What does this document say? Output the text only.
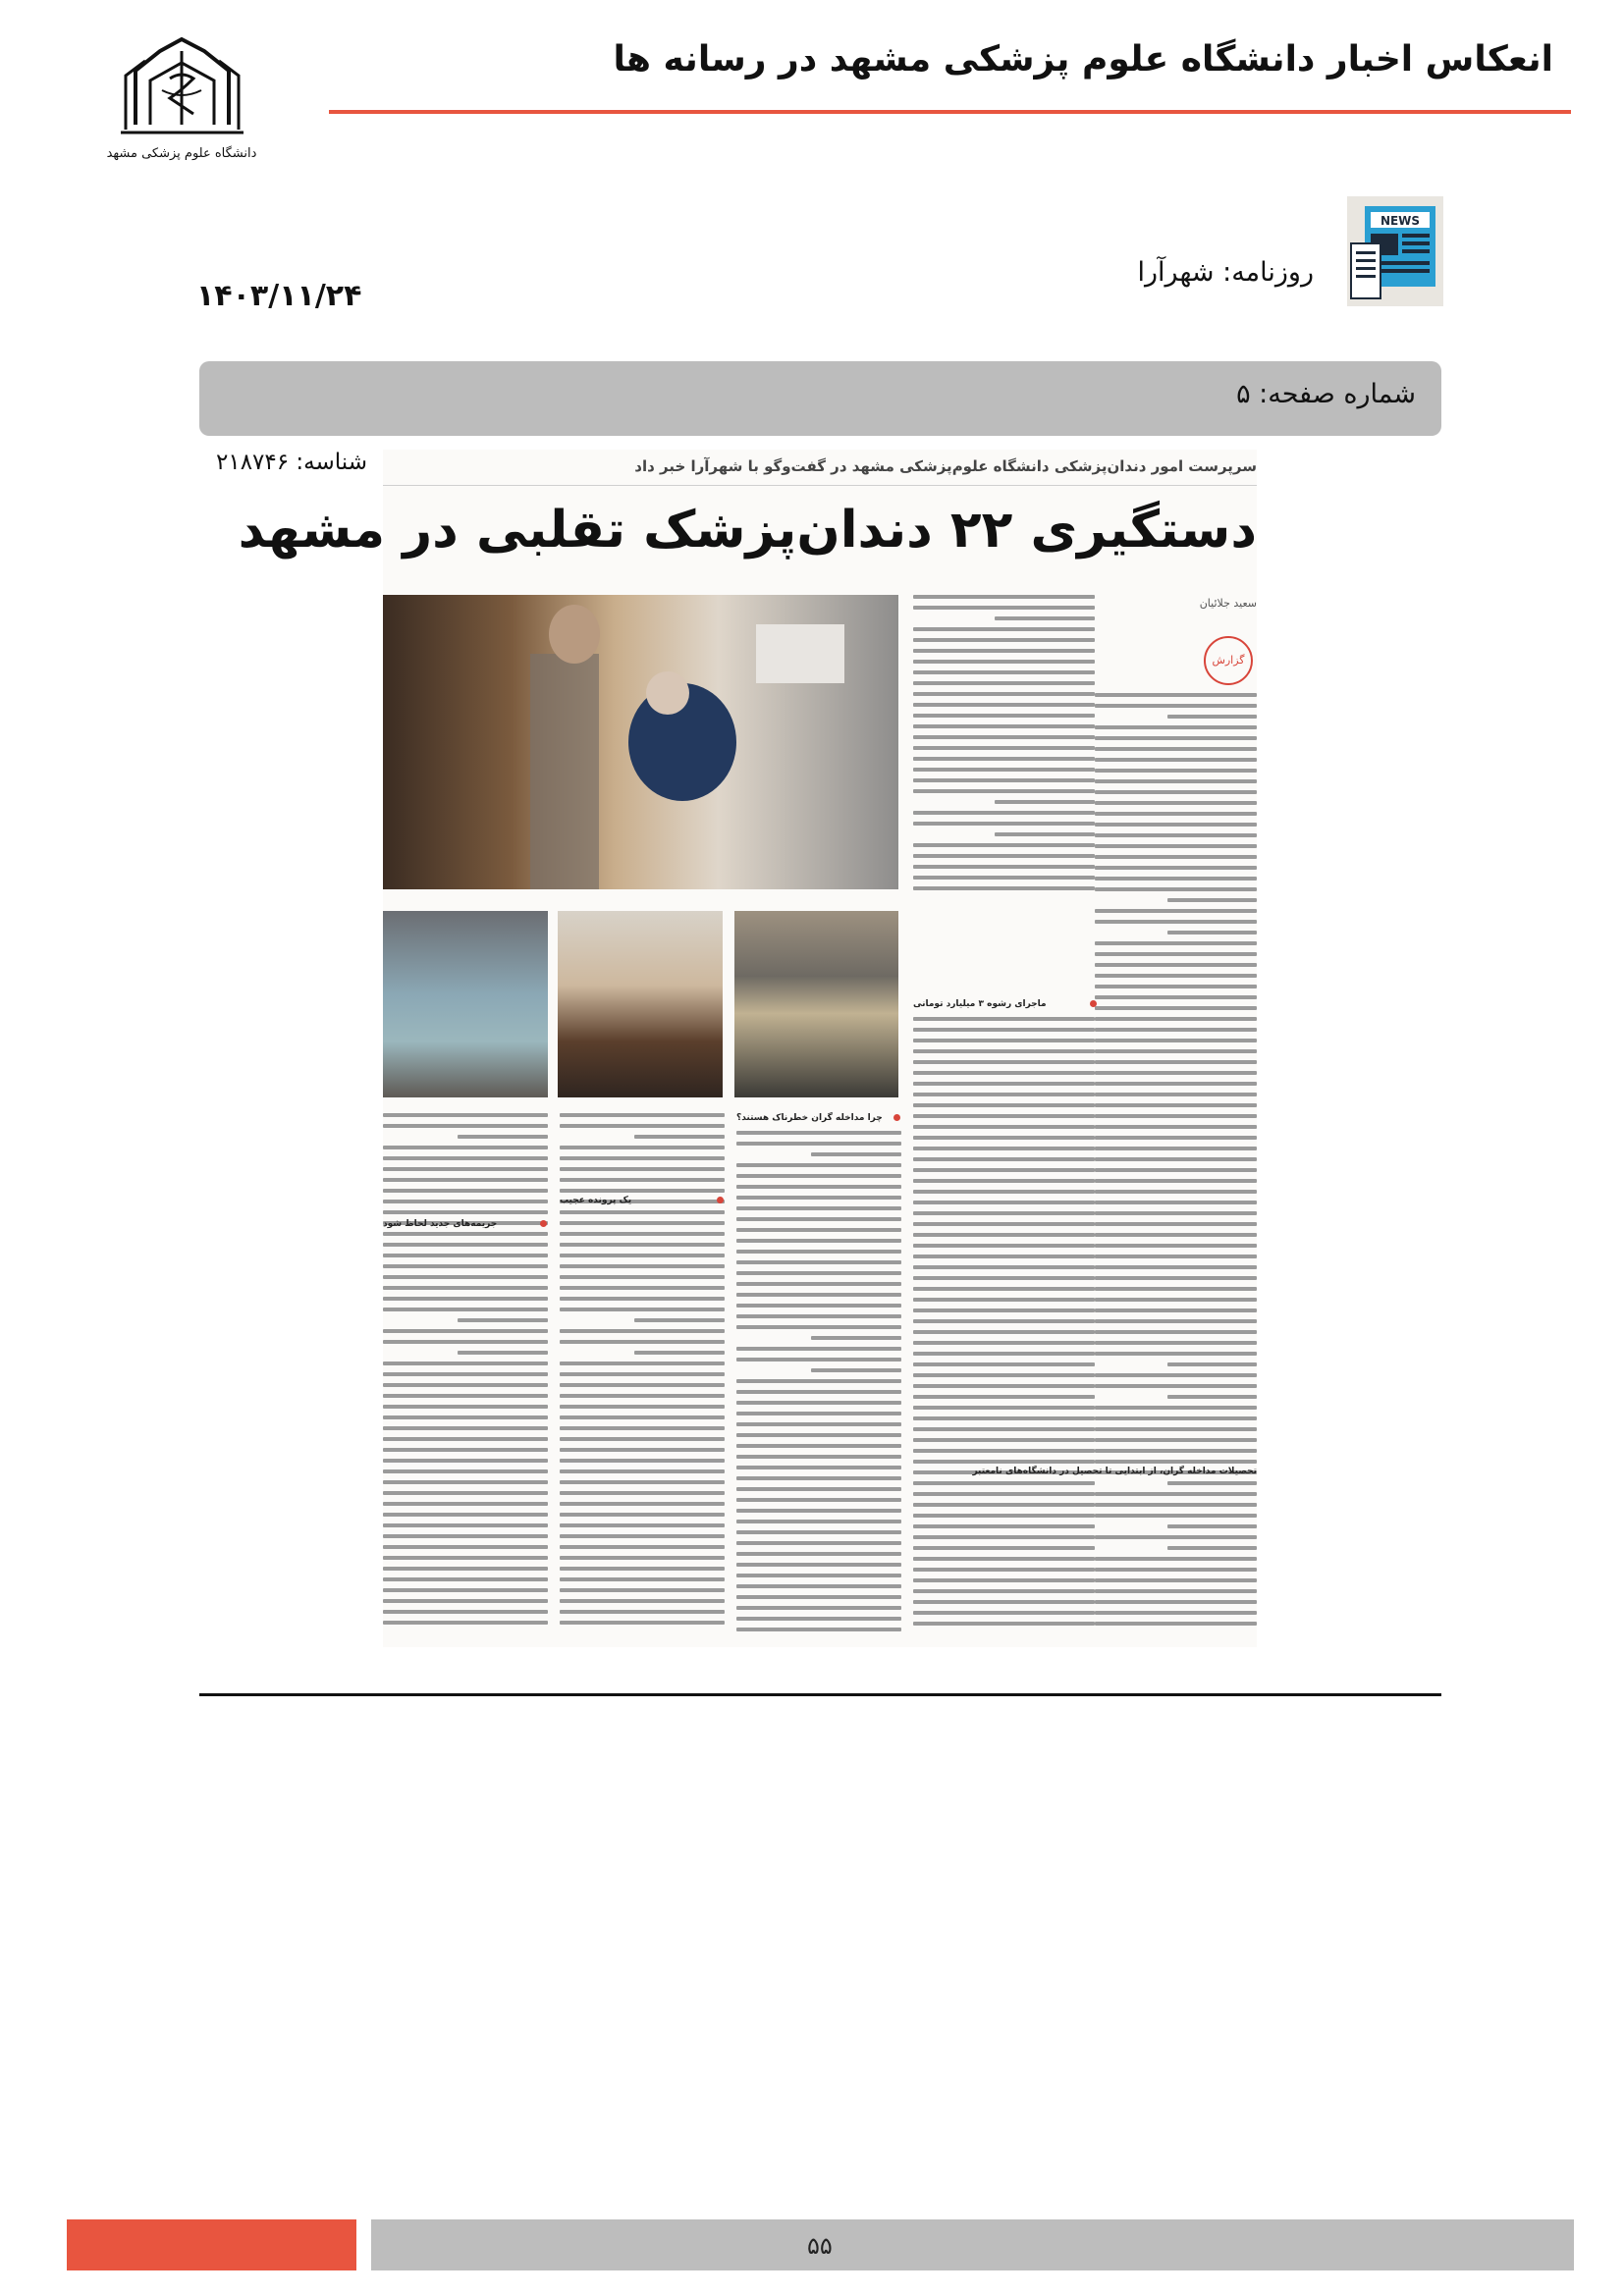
انعکاس اخبار دانشگاه علوم پزشکی مشهد در رسانه ها
دانشگاه علوم پزشکی مشهد
NEWS
روزنامه: شهرآرا
۱۴۰۳/۱۱/۲۴
شماره صفحه: ۵
شناسه: ۲۱۸۷۴۶	سرپرست امور دندان‌پزشکی دانشگاه علوم‌پزشکی مشهد در گفت‌وگو با شهرآرا خبر داد
دستگیری ۲۲ دندان‌پزشک تقلبی در مشهد
سعید جلائیان
گزارش
ماجرای رشوه ۳ میلیارد تومانی
چرا مداخله گران خطرناک هستند؟
یک پرونده عجیب
جریمه‌های جدید لحاظ شود
تحصیلات مداخله گران، از ابتدایی تا تحصیل در دانشگاه‌های نامعتبر
۵۵
